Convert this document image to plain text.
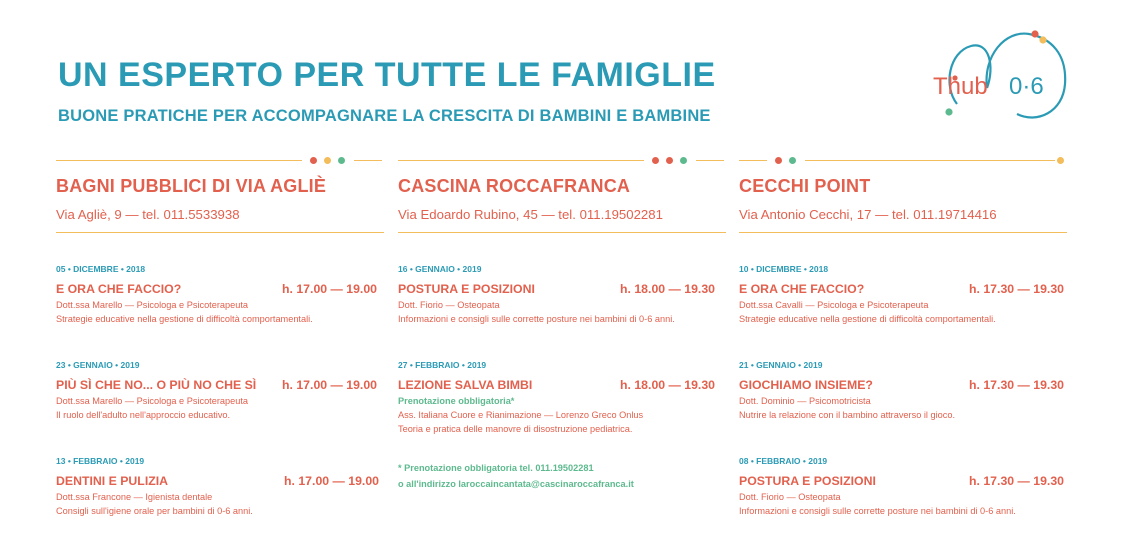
UN ESPERTO PER TUTTE LE FAMIGLIE
BUONE PRATICHE PER ACCOMPAGNARE LA CRESCITA DI BAMBINI E BAMBINE
Thub 0·6
BAGNI PUBBLICI DI VIA AGLIÈ
Via Agliè, 9 — tel. 011.5533938
05 • DICEMBRE • 2018
E ORA CHE FACCIO?	h. 17.00 — 19.00
Dott.ssa Marello — Psicologa e Psicoterapeuta
Strategie educative nella gestione di difficoltà comportamentali.
23 • GENNAIO • 2019
PIÙ SÌ CHE NO... O PIÙ NO CHE SÌ h. 17.00 — 19.00
Dott.ssa Marello — Psicologa e Psicoterapeuta
Il ruolo dell'adulto nell'approccio educativo.
13 • FEBBRAIO • 2019
DENTINI E PULIZIA	h. 17.00 — 19.00
Dott.ssa Francone — Igienista dentale
Consigli sull'igiene orale per bambini di 0-6 anni.
CASCINA ROCCAFRANCA
Via Edoardo Rubino, 45 — tel. 011.19502281
16 • GENNAIO • 2019
POSTURA E POSIZIONI	h. 18.00 — 19.30
Dott. Fiorio — Osteopata
Informazioni e consigli sulle corrette posture nei bambini di 0-6 anni.
27 • FEBBRAIO • 2019
LEZIONE SALVA BIMBI	h. 18.00 — 19.30
Prenotazione obbligatoria*
Ass. Italiana Cuore e Rianimazione — Lorenzo Greco Onlus
Teoria e pratica delle manovre di disostruzione pediatrica.
* Prenotazione obbligatoria tel. 011.19502281
o all'indirizzo laroccaincantata@cascinaroccafranca.it
CECCHI POINT
Via Antonio Cecchi, 17 — tel. 011.19714416
10 • DICEMBRE • 2018
E ORA CHE FACCIO?	h. 17.30 — 19.30
Dott.ssa Cavalli — Psicologa e Psicoterapeuta
Strategie educative nella gestione di difficoltà comportamentali.
21 • GENNAIO • 2019
GIOCHIAMO INSIEME?	h. 17.30 — 19.30
Dott. Dominio — Psicomotricista
Nutrire la relazione con il bambino attraverso il gioco.
08 • FEBBRAIO • 2019
POSTURA E POSIZIONI	h. 17.30 — 19.30
Dott. Fiorio — Osteopata
Informazioni e consigli sulle corrette posture nei bambini di 0-6 anni.
